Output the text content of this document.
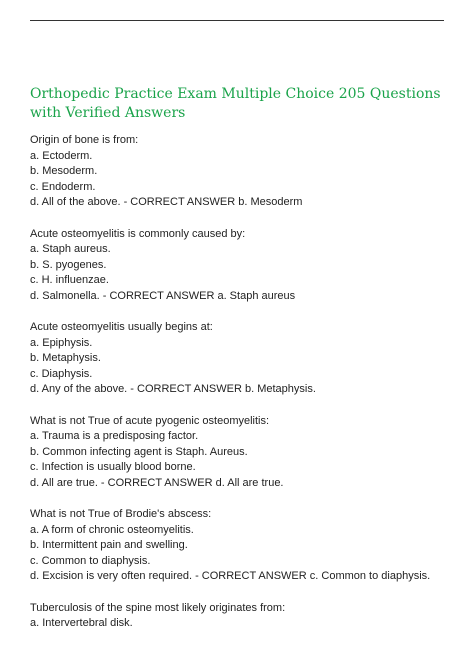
Orthopedic Practice Exam Multiple Choice 205 Questions
with Verified Answers
Origin of bone is from:
a. Ectoderm.
b. Mesoderm.
c. Endoderm.
d. All of the above. - CORRECT ANSWER b. Mesoderm
Acute osteomyelitis is commonly caused by:
a. Staph aureus.
b. S. pyogenes.
c. H. influenzae.
d. Salmonella. - CORRECT ANSWER a. Staph aureus
Acute osteomyelitis usually begins at:
a. Epiphysis.
b. Metaphysis.
c. Diaphysis.
d. Any of the above. - CORRECT ANSWER b. Metaphysis.
What is not True of acute pyogenic osteomyelitis:
a. Trauma is a predisposing factor.
b. Common infecting agent is Staph. Aureus.
c. Infection is usually blood borne.
d. All are true. - CORRECT ANSWER d. All are true.
What is not True of Brodie's abscess:
a. A form of chronic osteomyelitis.
b. Intermittent pain and swelling.
c. Common to diaphysis.
d. Excision is very often required. - CORRECT ANSWER c. Common to diaphysis.
Tuberculosis of the spine most likely originates from:
a. Intervertebral disk.
